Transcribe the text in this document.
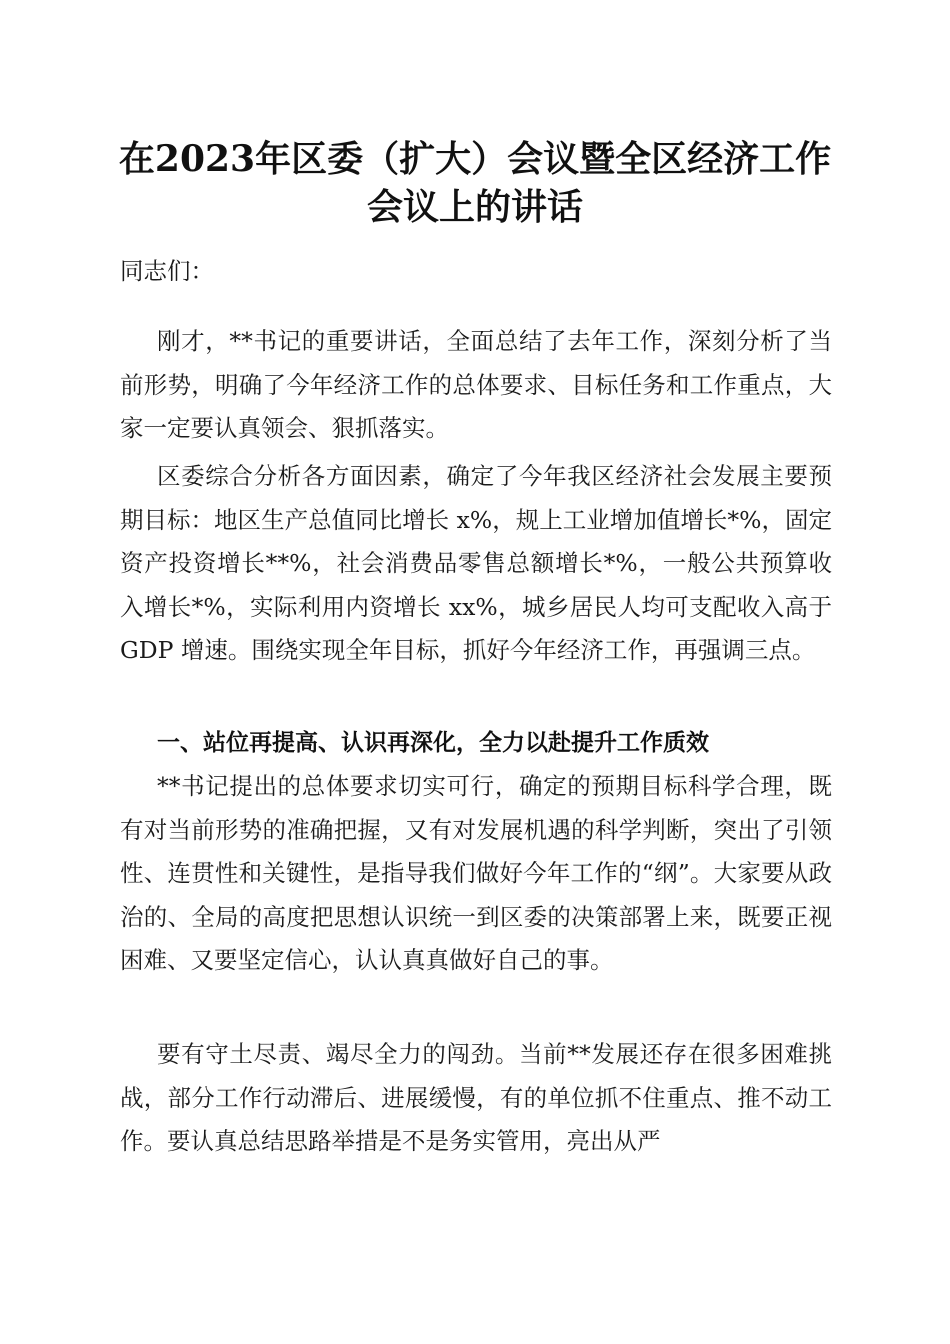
在2023年区委（扩大）会议暨全区经济工作
会议上的讲话
同志们：
刚才，**书记的重要讲话，全面总结了去年工作，深刻分析了当前形势，明确了今年经济工作的总体要求、目标任务和工作重点，大家一定要认真领会、狠抓落实。
区委综合分析各方面因素，确定了今年我区经济社会发展主要预期目标：地区生产总值同比增长 x%，规上工业增加值增长*%，固定资产投资增长**%，社会消费品零售总额增长*%，一般公共预算收入增长*%，实际利用内资增长 xx%，城乡居民人均可支配收入高于 GDP 增速。围绕实现全年目标，抓好今年经济工作，再强调三点。
一、站位再提高、认识再深化，全力以赴提升工作质效
**书记提出的总体要求切实可行，确定的预期目标科学合理，既有对当前形势的准确把握，又有对发展机遇的科学判断，突出了引领性、连贯性和关键性，是指导我们做好今年工作的“纲”。大家要从政治的、全局的高度把思想认识统一到区委的决策部署上来，既要正视困难、又要坚定信心，认认真真做好自己的事。
要有守土尽责、竭尽全力的闯劲。当前**发展还存在很多困难挑战，部分工作行动滞后、进展缓慢，有的单位抓不住重点、推不动工作。要认真总结思路举措是不是务实管用，亮出从严
